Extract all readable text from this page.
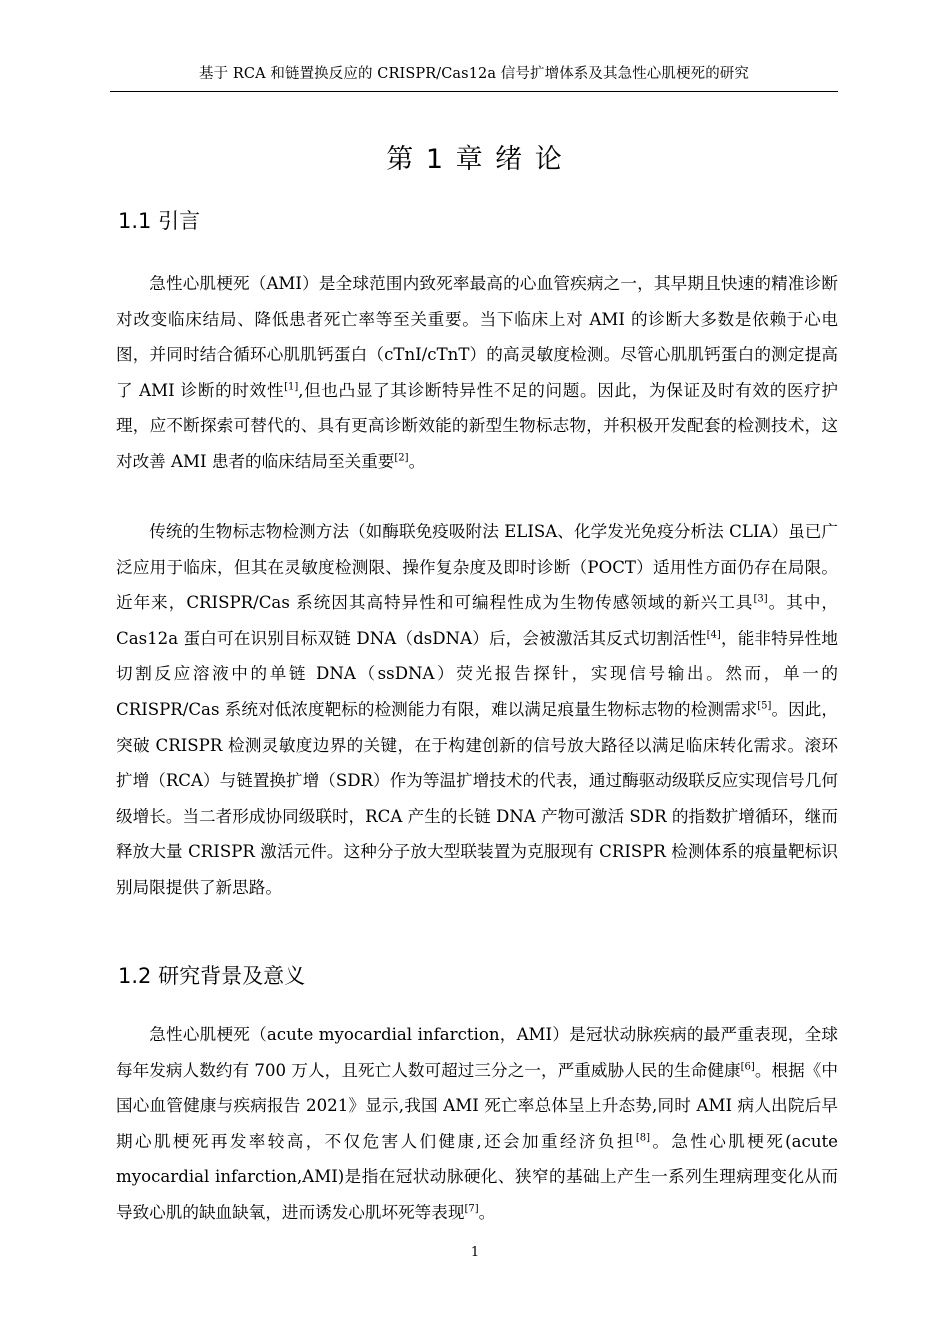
基于 RCA 和链置换反应的 CRISPR/Cas12a 信号扩增体系及其急性心肌梗死的研究
第 1 章 绪 论
1.1 引言

急性心肌梗死（AMI）是全球范围内致死率最高的心血管疾病之一，其早期且快速的精准诊断对改变临床结局、降低患者死亡率等至关重要。当下临床上对 AMI 的诊断大多数是依赖于心电图，并同时结合循环心肌肌钙蛋白（cTnI/cTnT）的高灵敏度检测。尽管心肌肌钙蛋白的测定提高了 AMI 诊断的时效性[1],但也凸显了其诊断特异性不足的问题。因此，为保证及时有效的医疗护理，应不断探索可替代的、具有更高诊断效能的新型生物标志物，并积极开发配套的检测技术，这对改善 AMI 患者的临床结局至关重要[2]。

传统的生物标志物检测方法（如酶联免疫吸附法 ELISA、化学发光免疫分析法 CLIA）虽已广泛应用于临床，但其在灵敏度检测限、操作复杂度及即时诊断（POCT）适用性方面仍存在局限。近年来，CRISPR/Cas 系统因其高特异性和可编程性成为生物传感领域的新兴工具[3]。其中，Cas12a 蛋白可在识别目标双链 DNA（dsDNA）后，会被激活其反式切割活性[4]，能非特异性地切割反应溶液中的单链 DNA（ssDNA）荧光报告探针，实现信号输出。然而，单一的 CRISPR/Cas 系统对低浓度靶标的检测能力有限，难以满足痕量生物标志物的检测需求[5]。因此，突破 CRISPR 检测灵敏度边界的关键，在于构建创新的信号放大路径以满足临床转化需求。滚环扩增（RCA）与链置换扩增（SDR）作为等温扩增技术的代表，通过酶驱动级联反应实现信号几何级增长。当二者形成协同级联时，RCA 产生的长链 DNA 产物可激活 SDR 的指数扩增循环，继而释放大量 CRISPR 激活元件。这种分子放大型联装置为克服现有 CRISPR 检测体系的痕量靶标识别局限提供了新思路。

1.2 研究背景及意义

急性心肌梗死（acute myocardial infarction，AMI）是冠状动脉疾病的最严重表现，全球每年发病人数约有 700 万人，且死亡人数可超过三分之一，严重威胁人民的生命健康[6]。根据《中国心血管健康与疾病报告 2021》显示,我国 AMI 死亡率总体呈上升态势,同时 AMI 病人出院后早期心肌梗死再发率较高，不仅危害人们健康,还会加重经济负担[8]。急性心肌梗死(acute myocardial infarction,AMI)是指在冠状动脉硬化、狭窄的基础上产生一系列生理病理变化从而导致心肌的缺血缺氧，进而诱发心肌坏死等表现[7]。

1
